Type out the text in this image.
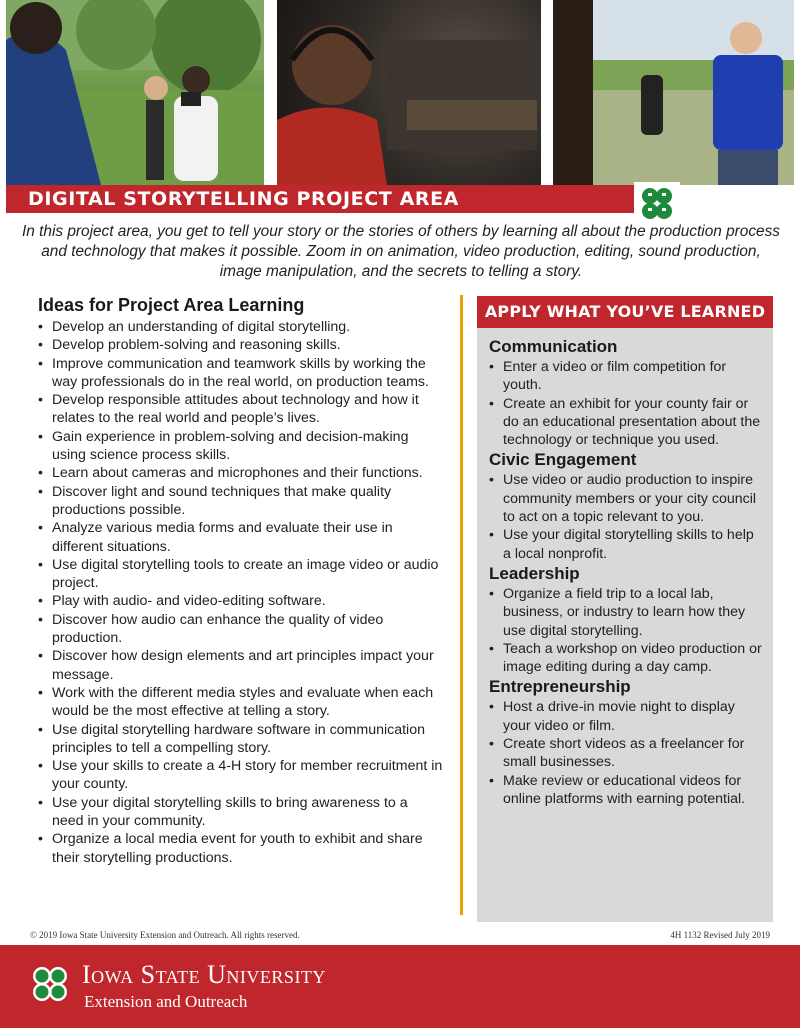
DIGITAL STORYTELLING PROJECT AREA
In this project area, you get to tell your story or the stories of others by learning all about the production process and technology that makes it possible. Zoom in on animation, video production, editing, sound production, image manipulation, and the secrets to telling a story.
Ideas for Project Area Learning
• Develop an understanding of digital storytelling.
• Develop problem-solving and reasoning skills.
• Improve communication and teamwork skills by working the way professionals do in the real world, on production teams.
• Develop responsible attitudes about technology and how it relates to the real world and people’s lives.
• Gain experience in problem-solving and decision-making using science process skills.
• Learn about cameras and microphones and their functions.
• Discover light and sound techniques that make quality productions possible.
• Analyze various media forms and evaluate their use in different situations.
• Use digital storytelling tools to create an image video or audio project.
• Play with audio- and video-editing software.
• Discover how audio can enhance the quality of video production.
• Discover how design elements and art principles impact your message.
• Work with the different media styles and evaluate when each would be the most effective at telling a story.
• Use digital storytelling hardware software in communication principles to tell a compelling story.
• Use your skills to create a 4-H story for member recruitment in your county.
• Use your digital storytelling skills to bring awareness to a need in your community.
• Organize a local media event for youth to exhibit and share their storytelling productions.
APPLY WHAT YOU’VE LEARNED
Communication
• Enter a video or film competition for youth.
• Create an exhibit for your county fair or do an educational presentation about the technology or technique you used.
Civic Engagement
• Use video or audio production to inspire community members or your city council to act on a topic relevant to you.
• Use your digital storytelling skills to help a local nonprofit.
Leadership
• Organize a field trip to a local lab, business, or industry to learn how they use digital storytelling.
• Teach a workshop on video production or image editing during a day camp.
Entrepreneurship
• Host a drive-in movie night to display your video or film.
• Create short videos as a freelancer for small businesses.
• Make review or educational videos for online platforms with earning potential.
© 2019 Iowa State University Extension and Outreach. All rights reserved.	4H 1132 Revised July 2019
Iowa State University
Extension and Outreach
